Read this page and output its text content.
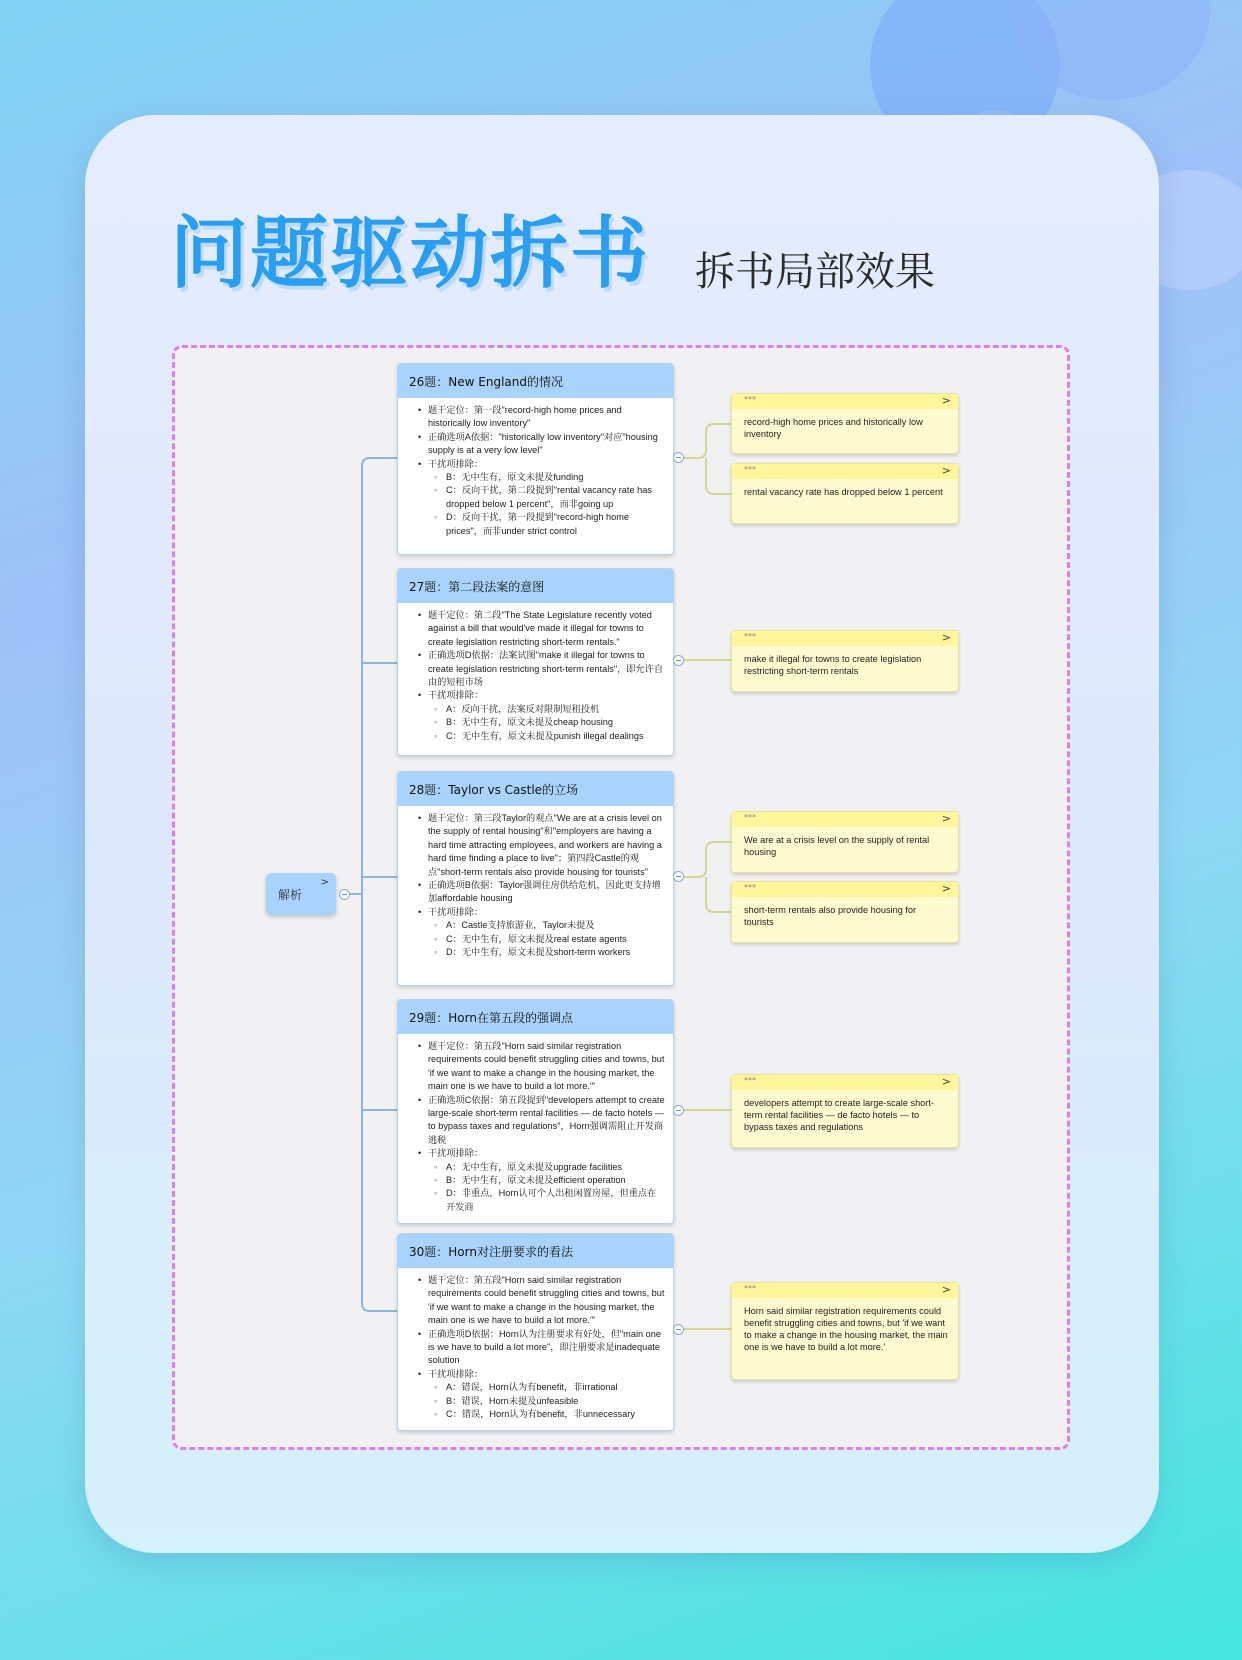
问题驱动拆书 拆书局部效果
解析
>
26题：New England的情况
• 题干定位：第一段"record-high home prices and historically low inventory"
• 正确选项A依据："historically low inventory"对应"housing supply is at a very low level"
• 干扰项排除：
◦ B：无中生有，原文未提及funding
◦ C：反向干扰，第二段提到"rental vacancy rate has dropped below 1 percent"，而非going up
◦ D：反向干扰，第一段提到"record-high home prices"，而非under strict control
27题：第二段法案的意图
• 题干定位：第二段"The State Legislature recently voted against a bill that would've made it illegal for towns to create legislation restricting short-term rentals."
• 正确选项D依据：法案试图"make it illegal for towns to create legislation restricting short-term rentals"，即允许自由的短租市场
• 干扰项排除：
◦ A：反向干扰，法案反对限制短租投机
◦ B：无中生有，原文未提及cheap housing
◦ C：无中生有，原文未提及punish illegal dealings
28题：Taylor vs Castle的立场
• 题干定位：第三段Taylor的观点"We are at a crisis level on the supply of rental housing"和"employers are having a hard time attracting employees, and workers are having a hard time finding a place to live"；第四段Castle的观点"short-term rentals also provide housing for tourists"
• 正确选项B依据：Taylor强调住房供给危机，因此更支持增加affordable housing
• 干扰项排除：
◦ A：Castle支持旅游业，Taylor未提及
◦ C：无中生有，原文未提及real estate agents
◦ D：无中生有，原文未提及short-term workers
29题：Horn在第五段的强调点
• 题干定位：第五段"Horn said similar registration requirements could benefit struggling cities and towns, but 'if we want to make a change in the housing market, the main one is we have to build a lot more.'"
• 正确选项C依据：第五段提到"developers attempt to create large-scale short-term rental facilities — de facto hotels — to bypass taxes and regulations"，Horn强调需阻止开发商逃税
• 干扰项排除：
◦ A：无中生有，原文未提及upgrade facilities
◦ B：无中生有，原文未提及efficient operation
◦ D：非重点，Horn认可个人出租闲置房屋，但重点在开发商
30题：Horn对注册要求的看法
• 题干定位：第五段"Horn said similar registration requirements could benefit struggling cities and towns, but 'if we want to make a change in the housing market, the main one is we have to build a lot more.'"
• 正确选项D依据：Horn认为注册要求有好处，但"main one is we have to build a lot more"，即注册要求是inadequate solution
• 干扰项排除：
◦ A：错误，Horn认为有benefit，非irrational
◦ B：错误，Horn未提及unfeasible
◦ C：错误，Horn认为有benefit，非unnecessary
***	>
record-high home prices and historically low inventory
***	>
rental vacancy rate has dropped below 1 percent
***	>
make it illegal for towns to create legislation restricting short-term rentals
***	>
We are at a crisis level on the supply of rental housing
***	>
short-term rentals also provide housing for tourists
***	>
developers attempt to create large-scale short-term rental facilities — de facto hotels — to bypass taxes and regulations
***	>
Horn said similar registration requirements could benefit struggling cities and towns, but 'if we want to make a change in the housing market, the main one is we have to build a lot more.'
